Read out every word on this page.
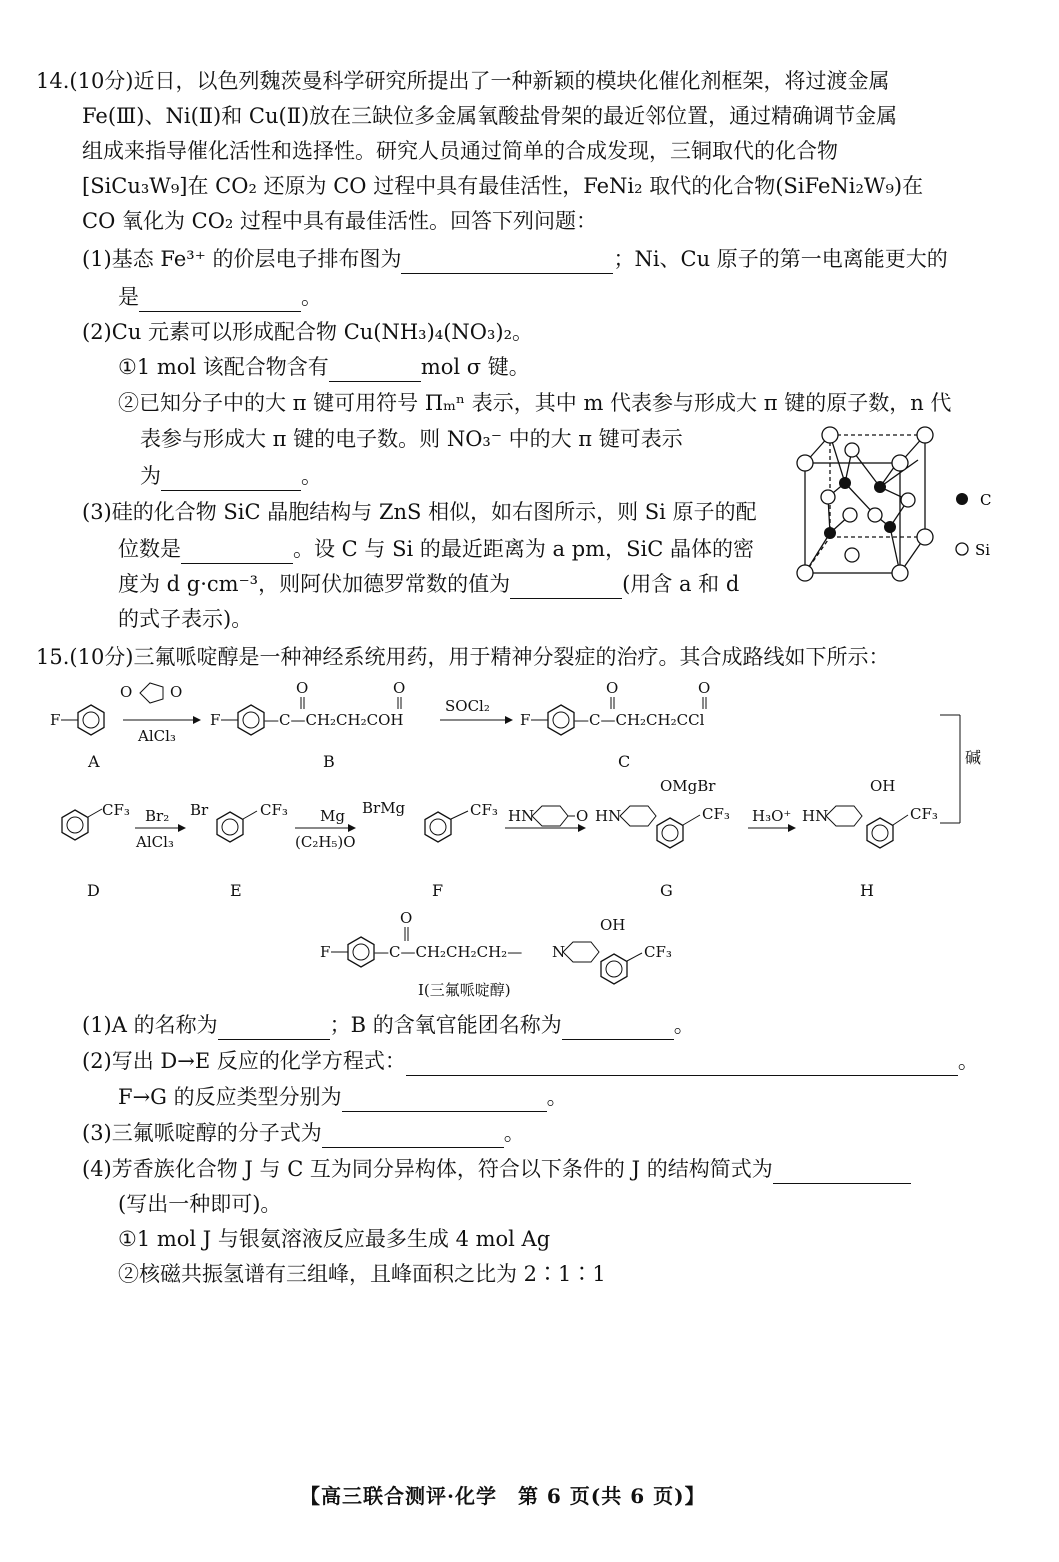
14.(10分)近日，以色列魏茨曼科学研究所提出了一种新颖的模块化催化剂框架，将过渡金属
Fe(Ⅲ)、Ni(Ⅱ)和 Cu(Ⅱ)放在三缺位多金属氧酸盐骨架的最近邻位置，通过精确调节金属
组成来指导催化活性和选择性。研究人员通过简单的合成发现，三铜取代的化合物
[SiCu₃W₉]在 CO₂ 还原为 CO 过程中具有最佳活性，FeNi₂ 取代的化合物(SiFeNi₂W₉)在
CO 氧化为 CO₂ 过程中具有最佳活性。回答下列问题：
(1)基态 Fe³⁺ 的价层电子排布图为	；Ni、Cu 原子的第一电离能更大的
是	。
(2)Cu 元素可以形成配合物 Cu(NH₃)₄(NO₃)₂。
①1 mol 该配合物含有	mol σ 键。
②已知分子中的大 π 键可用符号 Πₘⁿ 表示，其中 m 代表参与形成大 π 键的原子数，n 代
表参与形成大 π 键的电子数。则 NO₃⁻ 中的大 π 键可表示
为	。
(3)硅的化合物 SiC 晶胞结构与 ZnS 相似，如右图所示，则 Si 原子的配
位数是	。设 C 与 Si 的最近距离为 a pm，SiC 晶体的密
度为 d g·cm⁻³，则阿伏加德罗常数的值为	(用含 a 和 d
的式子表示)。
C
Si
15.(10分)三氟哌啶醇是一种神经系统用药，用于精神分裂症的治疗。其合成路线如下所示：
F
O	O
AlCl₃
F
O	O
—C—CH₂CH₂COH
SOCl₂
F
O	O
—C—CH₂CH₂CCl
A	B	C	碱
CF₃ Br₂
AlCl₃
Br	CF₃ Mg
(C₂H₅)O
BrMg	CF₃ HN	O HN
OMgBr
CF₃ H₃O⁺ HN
OH
CF₃
D	E	F	G	H
F
O
—C—CH₂CH₂CH₂— N
OH
CF₃
I(三氟哌啶醇)
(1)A 的名称为	；B 的含氧官能团名称为	。
(2)写出 D→E 反应的化学方程式：	。
F→G 的反应类型分别为	。
(3)三氟哌啶醇的分子式为	。
(4)芳香族化合物 J 与 C 互为同分异构体，符合以下条件的 J 的结构简式为
(写出一种即可)。
①1 mol J 与银氨溶液反应最多生成 4 mol Ag
②核磁共振氢谱有三组峰，且峰面积之比为 2∶1∶1
【高三联合测评·化学　第 6 页(共 6 页)】
